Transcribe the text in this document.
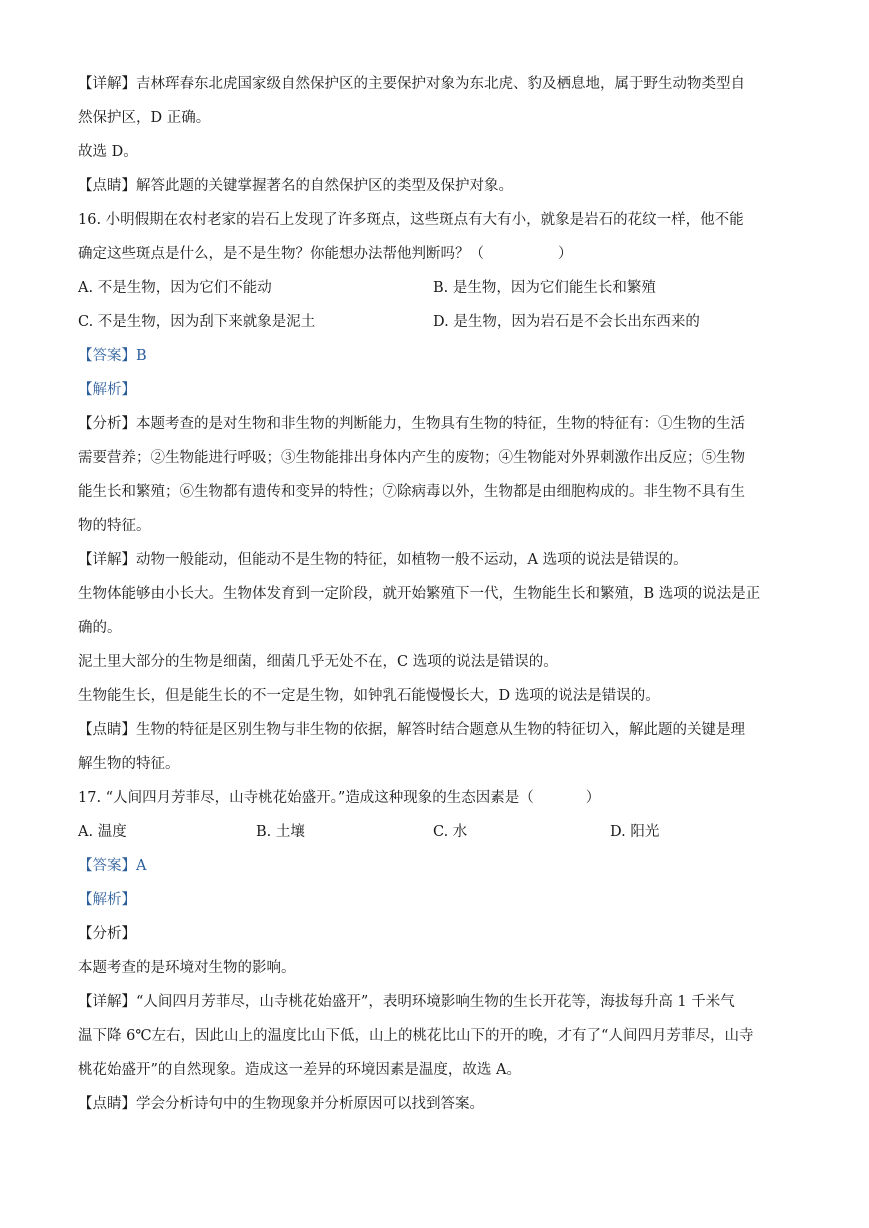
【详解】吉林珲春东北虎国家级自然保护区的主要保护对象为东北虎、豹及栖息地，属于野生动物类型自
然保护区，D 正确。
故选 D。
【点睛】解答此题的关键掌握著名的自然保护区的类型及保护对象。
16. 小明假期在农村老家的岩石上发现了许多斑点，这些斑点有大有小，就象是岩石的花纹一样，他不能
确定这些斑点是什么，是不是生物？你能想办法帮他判断吗？（	）
A. 不是生物，因为它们不能动	B. 是生物，因为它们能生长和繁殖
C. 不是生物，因为刮下来就象是泥土	D. 是生物，因为岩石是不会长出东西来的
【答案】B
【解析】
【分析】本题考查的是对生物和非生物的判断能力，生物具有生物的特征，生物的特征有：①生物的生活
需要营养；②生物能进行呼吸；③生物能排出身体内产生的废物；④生物能对外界刺激作出反应；⑤生物
能生长和繁殖；⑥生物都有遗传和变异的特性；⑦除病毒以外，生物都是由细胞构成的。非生物不具有生
物的特征。
【详解】动物一般能动，但能动不是生物的特征，如植物一般不运动，A 选项的说法是错误的。
生物体能够由小长大。生物体发育到一定阶段，就开始繁殖下一代，生物能生长和繁殖，B 选项的说法是正
确的。
泥土里大部分的生物是细菌，细菌几乎无处不在，C 选项的说法是错误的。
生物能生长，但是能生长的不一定是生物，如钟乳石能慢慢长大，D 选项的说法是错误的。
【点睛】生物的特征是区别生物与非生物的依据，解答时结合题意从生物的特征切入，解此题的关键是理
解生物的特征。
17. “人间四月芳菲尽，山寺桃花始盛开。”造成这种现象的生态因素是（	）
A. 温度	B. 土壤	C. 水	D. 阳光
【答案】A
【解析】
【分析】
本题考查的是环境对生物的影响。
【详解】“人间四月芳菲尽，山寺桃花始盛开”，表明环境影响生物的生长开花等，海拔每升高 1 千米气
温下降 6℃左右，因此山上的温度比山下低，山上的桃花比山下的开的晚，才有了“人间四月芳菲尽，山寺
桃花始盛开”的自然现象。造成这一差异的环境因素是温度，故选 A。
【点睛】学会分析诗句中的生物现象并分析原因可以找到答案。
